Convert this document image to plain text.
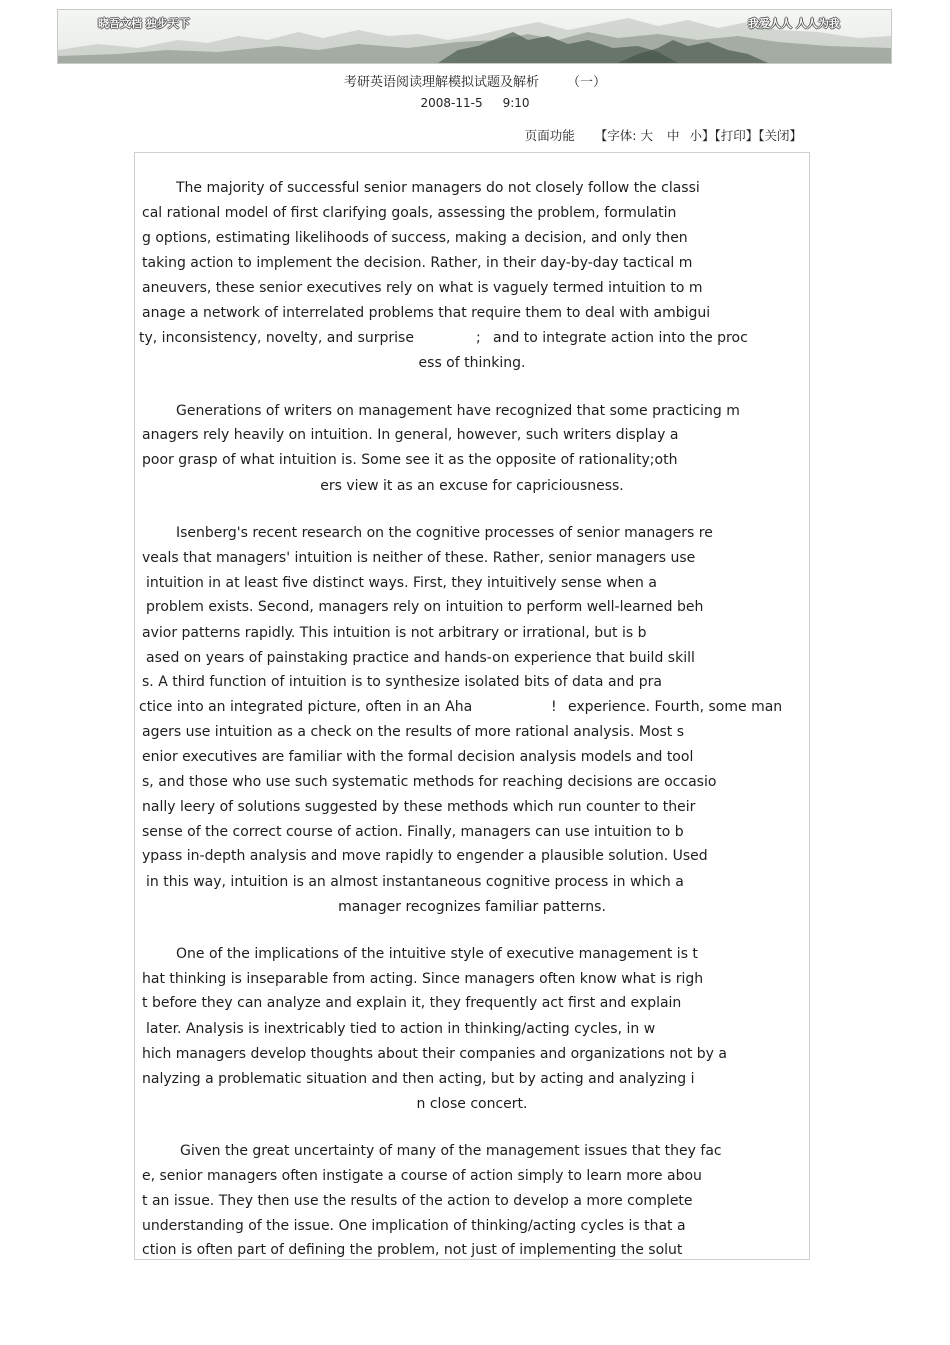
晓吾文档 独步天下	我爱人人 人人为我
考研英语阅读理解模拟试题及解析 （一）
2008-11-5 9:10
页面功能 【字体: 大 中 小】【打印】【关闭】
The majority of successful senior managers do not closely follow the classi
cal rational model of first clarifying goals, assessing the problem, formulatin
g options, estimating likelihoods of success, making a decision, and only then
taking action to implement the decision. Rather, in their day-by-day tactical m
aneuvers, these senior executives rely on what is vaguely termed intuition to m
anage a network of interrelated problems that require them to deal with ambigui
ty, inconsistency, novelty, and surprise	; and to integrate action into the proc
ess of thinking.
Generations of writers on management have recognized that some practicing m
anagers rely heavily on intuition. In general, however, such writers display a
poor grasp of what intuition is. Some see it as the opposite of rationality;oth
ers view it as an excuse for capriciousness.
Isenberg's recent research on the cognitive processes of senior managers re
veals that managers' intuition is neither of these. Rather, senior managers use
intuition in at least five distinct ways. First, they intuitively sense when a
problem exists. Second, managers rely on intuition to perform well-learned beh
avior patterns rapidly. This intuition is not arbitrary or irrational, but is b
ased on years of painstaking practice and hands-on experience that build skill
s. A third function of intuition is to synthesize isolated bits of data and pra
ctice into an integrated picture, often in an Aha	! experience. Fourth, some man
agers use intuition as a check on the results of more rational analysis. Most s
enior executives are familiar with the formal decision analysis models and tool
s, and those who use such systematic methods for reaching decisions are occasio
nally leery of solutions suggested by these methods which run counter to their
sense of the correct course of action. Finally, managers can use intuition to b
ypass in-depth analysis and move rapidly to engender a plausible solution. Used
in this way, intuition is an almost instantaneous cognitive process in which a
manager recognizes familiar patterns.
One of the implications of the intuitive style of executive management is t
hat thinking is inseparable from acting. Since managers often know what is righ
t before they can analyze and explain it, they frequently act first and explain
later. Analysis is inextricably tied to action in thinking/acting cycles, in w
hich managers develop thoughts about their companies and organizations not by a
nalyzing a problematic situation and then acting, but by acting and analyzing i
n close concert.
Given the great uncertainty of many of the management issues that they fac
e, senior managers often instigate a course of action simply to learn more abou
t an issue. They then use the results of the action to develop a more complete
understanding of the issue. One implication of thinking/acting cycles is that a
ction is often part of defining the problem, not just of implementing the solut
